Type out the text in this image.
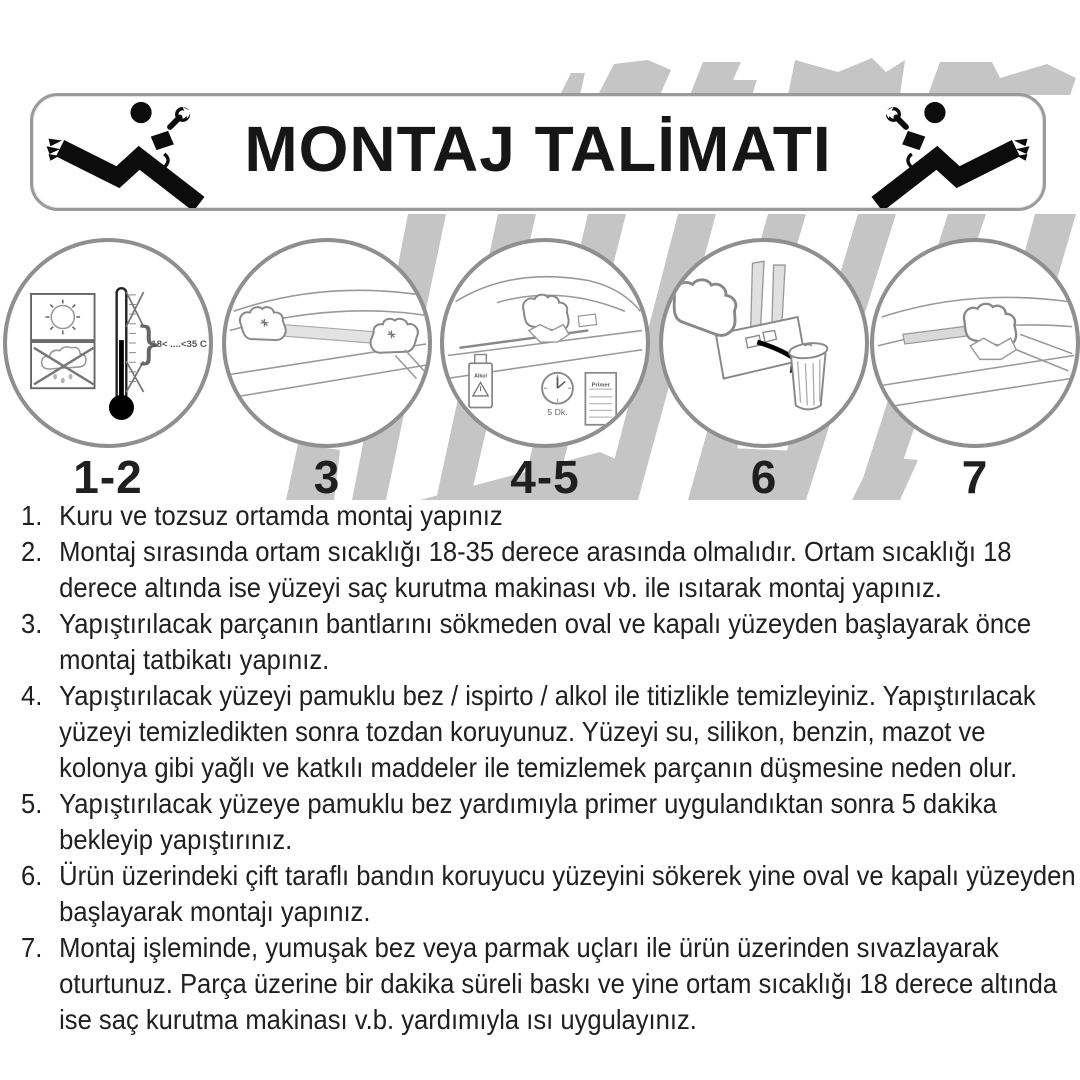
MONTAJ TALİMATI
}
18< ....<35 C
Alkol
5 Dk.
Primer
1-2	3	4-5	6	7
1. Kuru ve tozsuz ortamda montaj yapınız
2. Montaj sırasında ortam sıcaklığı 18-35 derece arasında olmalıdır. Ortam sıcaklığı 18 derece altında ise yüzeyi saç kurutma makinası vb. ile ısıtarak montaj yapınız.
3. Yapıştırılacak parçanın bantlarını sökmeden oval ve kapalı yüzeyden başlayarak önce montaj tatbikatı yapınız.
4. Yapıştırılacak yüzeyi pamuklu bez / ispirto / alkol ile titizlikle temizleyiniz. Yapıştırılacak yüzeyi temizledikten sonra tozdan koruyunuz. Yüzeyi su, silikon, benzin, mazot ve kolonya gibi yağlı ve katkılı maddeler ile temizlemek parçanın düşmesine neden olur.
5. Yapıştırılacak yüzeye pamuklu bez yardımıyla primer uygulandıktan sonra 5 dakika bekleyip yapıştırınız.
6. Ürün üzerindeki çift taraflı bandın koruyucu yüzeyini sökerek yine oval ve kapalı yüzeyden başlayarak montajı yapınız.
7. Montaj işleminde, yumuşak bez veya parmak uçları ile ürün üzerinden sıvazlayarak oturtunuz. Parça üzerine bir dakika süreli baskı ve yine ortam sıcaklığı 18 derece altında ise saç kurutma makinası v.b. yardımıyla ısı uygulayınız.
